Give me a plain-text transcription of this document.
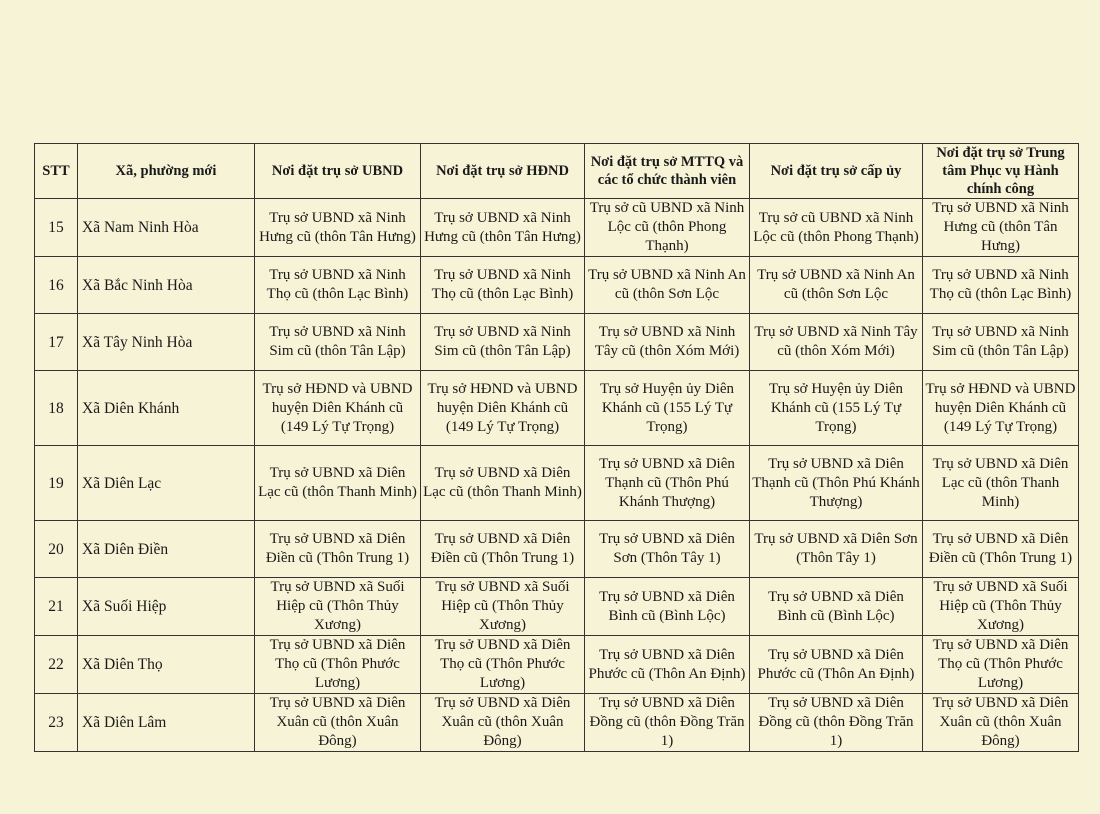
STT	Xã, phường mới	Nơi đặt trụ sở UBND	Nơi đặt trụ sở HĐND	Nơi đặt trụ sở MTTQ và các tổ chức thành viên	Nơi đặt trụ sở cấp ủy	Nơi đặt trụ sở Trung tâm Phục vụ Hành chính công
15	Xã Nam Ninh Hòa	Trụ sở UBND xã Ninh Hưng cũ (thôn Tân Hưng)	Trụ sở UBND xã Ninh Hưng cũ (thôn Tân Hưng)	Trụ sở cũ UBND xã Ninh Lộc cũ (thôn Phong Thạnh)	Trụ sở cũ UBND xã Ninh Lộc cũ (thôn Phong Thạnh)	Trụ sở UBND xã Ninh Hưng cũ (thôn Tân Hưng)
16	Xã Bắc Ninh Hòa	Trụ sở UBND xã Ninh Thọ cũ (thôn Lạc Bình)	Trụ sở UBND xã Ninh Thọ cũ (thôn Lạc Bình)	Trụ sở UBND xã Ninh An cũ (thôn Sơn Lộc	Trụ sở UBND xã Ninh An cũ (thôn Sơn Lộc	Trụ sở UBND xã Ninh Thọ cũ (thôn Lạc Bình)
17	Xã Tây Ninh Hòa	Trụ sở UBND xã Ninh Sim cũ (thôn Tân Lập)	Trụ sở UBND xã Ninh Sim cũ (thôn Tân Lập)	Trụ sở UBND xã Ninh Tây cũ (thôn Xóm Mới)	Trụ sở UBND xã Ninh Tây cũ (thôn Xóm Mới)	Trụ sở UBND xã Ninh Sim cũ (thôn Tân Lập)
18	Xã Diên Khánh	Trụ sở HĐND và UBND huyện Diên Khánh cũ (149 Lý Tự Trọng)	Trụ sở HĐND và UBND huyện Diên Khánh cũ (149 Lý Tự Trọng)	Trụ sở Huyện ủy Diên Khánh cũ (155 Lý Tự Trọng)	Trụ sở Huyện ủy Diên Khánh cũ (155 Lý Tự Trọng)	Trụ sở HĐND và UBND huyện Diên Khánh cũ (149 Lý Tự Trọng)
19	Xã Diên Lạc	Trụ sở UBND xã Diên Lạc cũ (thôn Thanh Minh)	Trụ sở UBND xã Diên Lạc cũ (thôn Thanh Minh)	Trụ sở UBND xã Diên Thạnh cũ (Thôn Phú Khánh Thượng)	Trụ sở UBND xã Diên Thạnh cũ (Thôn Phú Khánh Thượng)	Trụ sở UBND xã Diên Lạc cũ (thôn Thanh Minh)
20	Xã Diên Điền	Trụ sở UBND xã Diên Điền cũ (Thôn Trung 1)	Trụ sở UBND xã Diên Điền cũ (Thôn Trung 1)	Trụ sở UBND xã Diên Sơn (Thôn Tây 1)	Trụ sở UBND xã Diên Sơn (Thôn Tây 1)	Trụ sở UBND xã Diên Điền cũ (Thôn Trung 1)
21	Xã Suối Hiệp	Trụ sở UBND xã Suối Hiệp cũ (Thôn Thủy Xương)	Trụ sở UBND xã Suối Hiệp cũ (Thôn Thủy Xương)	Trụ sở UBND xã Diên Bình cũ (Bình Lộc)	Trụ sở UBND xã Diên Bình cũ (Bình Lộc)	Trụ sở UBND xã Suối Hiệp cũ (Thôn Thủy Xương)
22	Xã Diên Thọ	Trụ sở UBND xã Diên Thọ cũ (Thôn Phước Lương)	Trụ sở UBND xã Diên Thọ cũ (Thôn Phước Lương)	Trụ sở UBND xã Diên Phước cũ (Thôn An Định)	Trụ sở UBND xã Diên Phước cũ (Thôn An Định)	Trụ sở UBND xã Diên Thọ cũ (Thôn Phước Lương)
23	Xã Diên Lâm	Trụ sở UBND xã Diên Xuân cũ (thôn Xuân Đông)	Trụ sở UBND xã Diên Xuân cũ (thôn Xuân Đông)	Trụ sở UBND xã Diên Đồng cũ (thôn Đồng Trăn 1)	Trụ sở UBND xã Diên Đồng cũ (thôn Đồng Trăn 1)	Trụ sở UBND xã Diên Xuân cũ (thôn Xuân Đông)
